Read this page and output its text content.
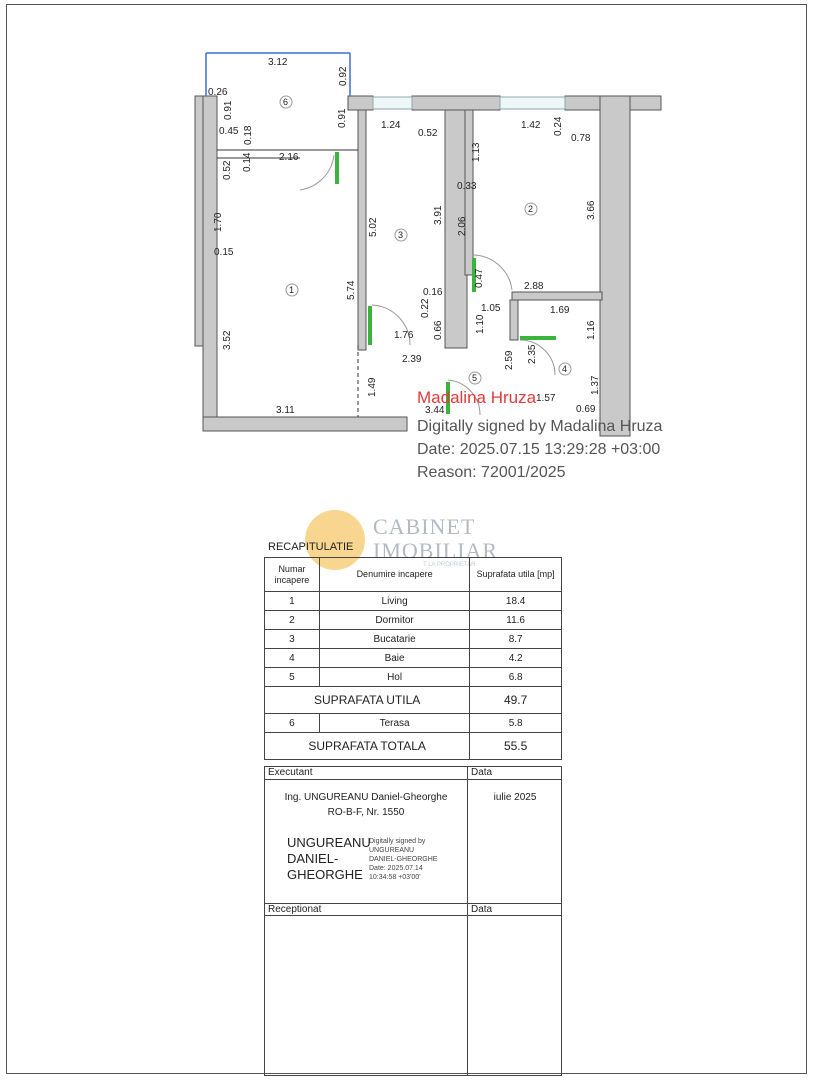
6
1
3
2
5
4
3.12
0.92
0.26
0.91
0.45 0.18
0.91	1.24
0.52
1.42 0.24
0.78
0.52 0.14	2.16	1.13
0.33
5.02
3.91
2.06
3.66
1.70
0.15
0.47	2.88
5.74	0.16
0.22	1.05
0.66
1.69
1.76
1.10	1.16
3.52
2.39	2.59 2.35
1.49	1.37
3.11	3.44
1.57
0.69
Madalina Hruza
Digitally signed by Madalina Hruza
Date: 2025.07.15 13:29:28 +03:00
Reason: 72001/2025
CABINET
IMOBILIAR
T LA PROPRIETAR
RECAPITULATIE
Numar incapere	Denumire incapere	Suprafata utila [mp]
1	Living	18.4
2	Dormitor	11.6
3	Bucatarie	8.7
4	Baie	4.2
5	Hol	6.8
SUPRAFATA UTILA		49.7
6	Terasa	5.8
SUPRAFATA TOTALA		55.5
Executant	Data
Ing. UNGUREANU Daniel-Gheorghe
RO-B-F, Nr. 1550
iulie 2025
UNGUREANU DANIEL-GHEORGHE
Digitally signed by
UNGUREANU
DANIEL-GHEORGHE
Date: 2025.07.14
10:34:58 +03'00'
Receptionat	Data
